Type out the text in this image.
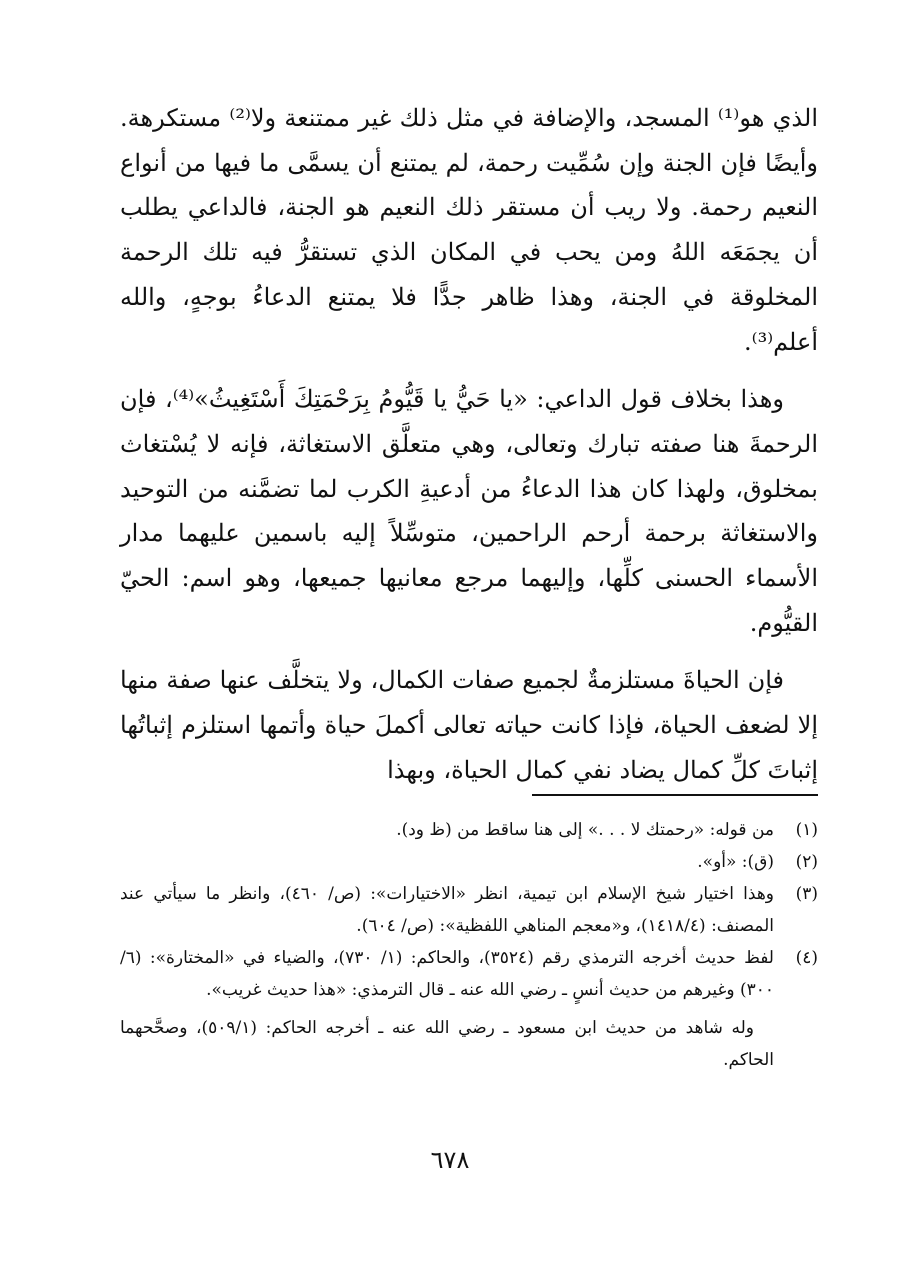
الذي هو⁽¹⁾ المسجد، والإضافة في مثل ذلك غير ممتنعة ولا⁽²⁾ مستكرهة. وأيضًا فإن الجنة وإن سُمِّيت رحمة، لم يمتنع أن يسمَّى ما فيها من أنواع النعيم رحمة. ولا ريب أن مستقر ذلك النعيم هو الجنة، فالداعي يطلب أن يجمَعَه اللهُ ومن يحب في المكان الذي تستقرُّ فيه تلك الرحمة المخلوقة في الجنة، وهذا ظاهر جدًّا فلا يمتنع الدعاءُ بوجهٍ، والله أعلم⁽³⁾.

وهذا بخلاف قول الداعي: «يا حَيُّ يا قَيُّومُ بِرَحْمَتِكَ أَسْتَغِيثُ»⁽⁴⁾، فإن الرحمةَ هنا صفته تبارك وتعالى، وهي متعلَّق الاستغاثة، فإنه لا يُسْتغاث بمخلوق، ولهذا كان هذا الدعاءُ من أدعيةِ الكرب لما تضمَّنه من التوحيد والاستغاثة برحمة أرحم الراحمين، متوسِّلاً إليه باسمين عليهما مدار الأسماء الحسنى كلِّها، وإليهما مرجع معانيها جميعها، وهو اسم: الحيّ القيُّوم.

فإن الحياةَ مستلزمةٌ لجميع صفات الكمال، ولا يتخلَّف عنها صفة منها إلا لضعف الحياة، فإذا كانت حياته تعالى أكملَ حياة وأتمها استلزم إثباتُها إثباتَ كلِّ كمال يضاد نفي كمال الحياة، وبهذا

(١)
من قوله: «رحمتك لا . . .» إلى هنا ساقط من (ظ ود).
(٢)
(ق): «أو».
(٣)
وهذا اختيار شيخ الإسلام ابن تيمية، انظر «الاختيارات»: (ص/ ٤٦٠)، وانظر ما سيأتي عند المصنف: (١٤١٨/٤)، و«معجم المناهي اللفظية»: (ص/ ٦٠٤).
(٤)
لفظ حديث أخرجه الترمذي رقم (٣٥٢٤)، والحاكم: (١/ ٧٣٠)، والضياء في «المختارة»: (٦/ ٣٠٠) وغيرهم من حديث أنسٍ ـ رضي الله عنه ـ قال الترمذي: «هذا حديث غريب».
وله شاهد من حديث ابن مسعود ـ رضي الله عنه ـ أخرجه الحاكم: (٥٠٩/١)، وصحَّحهما الحاكم.
٦٧٨
